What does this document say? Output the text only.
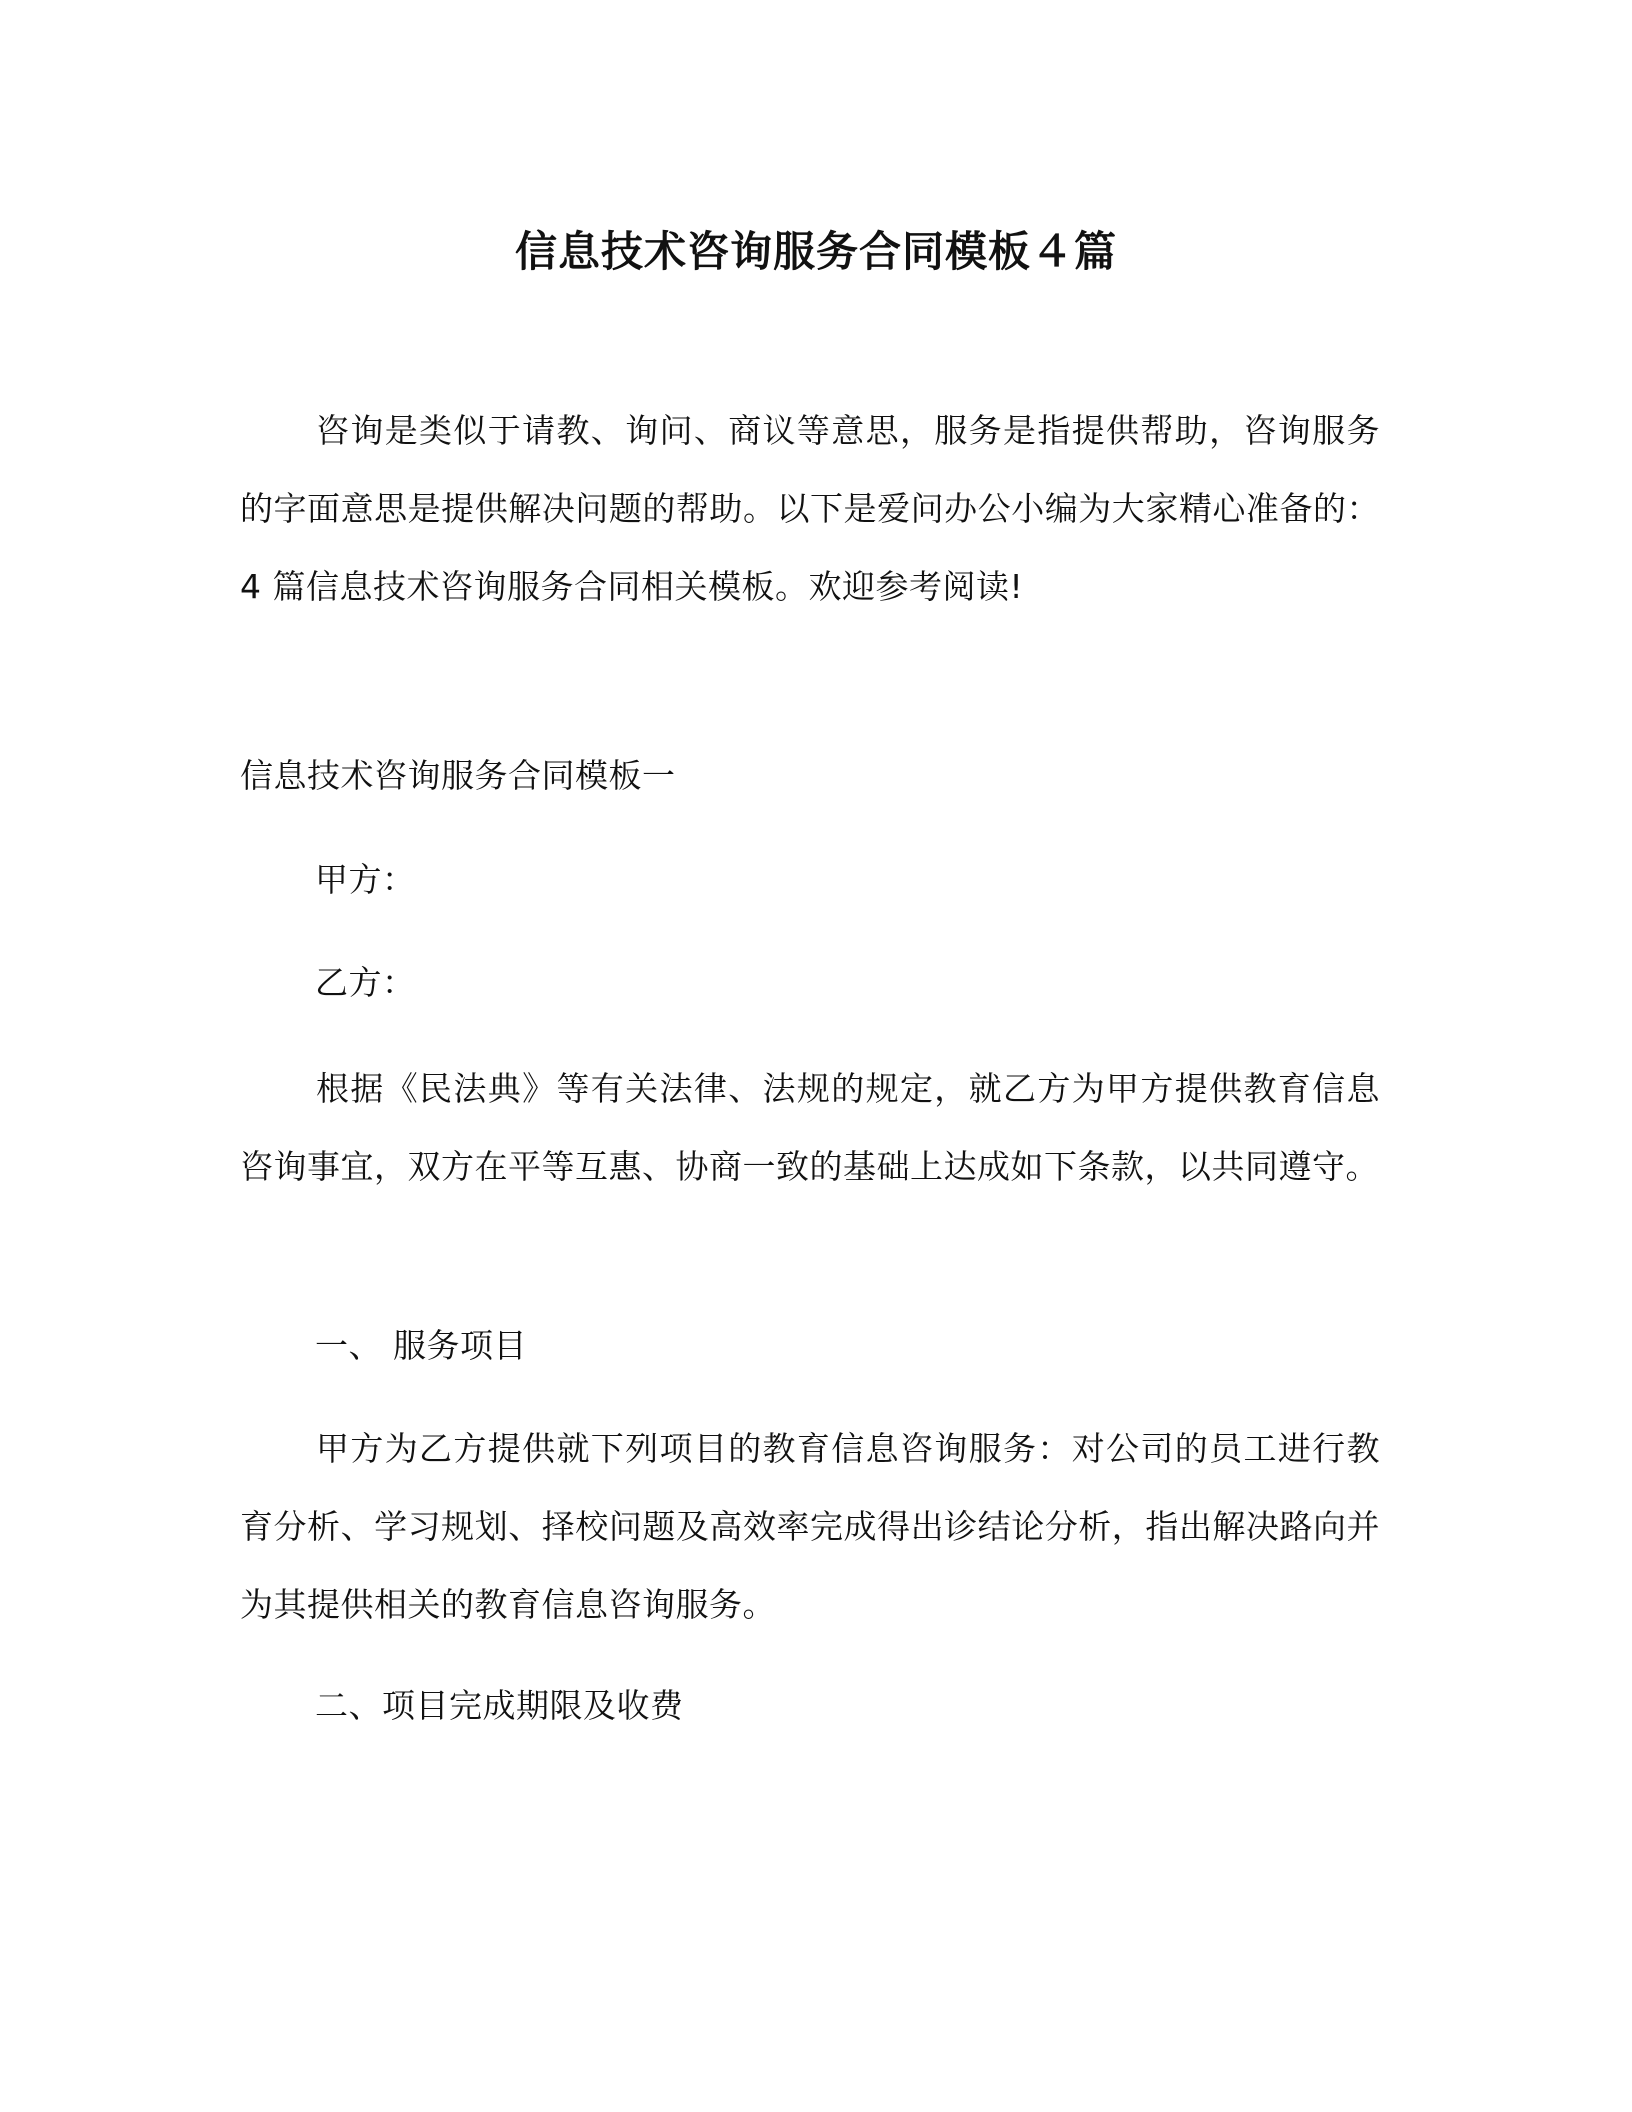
信息技术咨询服务合同模板４篇

咨询是类似于请教、询问、商议等意思，服务是指提供帮助，咨询服务的字面意思是提供解决问题的帮助。以下是爱问办公小编为大家精心准备的：4 篇信息技术咨询服务合同相关模板。欢迎参考阅读!

信息技术咨询服务合同模板一

甲方：

乙方：

根据《民法典》等有关法律、法规的规定，就乙方为甲方提供教育信息咨询事宜，双方在平等互惠、协商一致的基础上达成如下条款，以共同遵守。

一、 服务项目

甲方为乙方提供就下列项目的教育信息咨询服务：对公司的员工进行教育分析、学习规划、择校问题及高效率完成得出诊结论分析，指出解决路向并为其提供相关的教育信息咨询服务。

二、项目完成期限及收费
